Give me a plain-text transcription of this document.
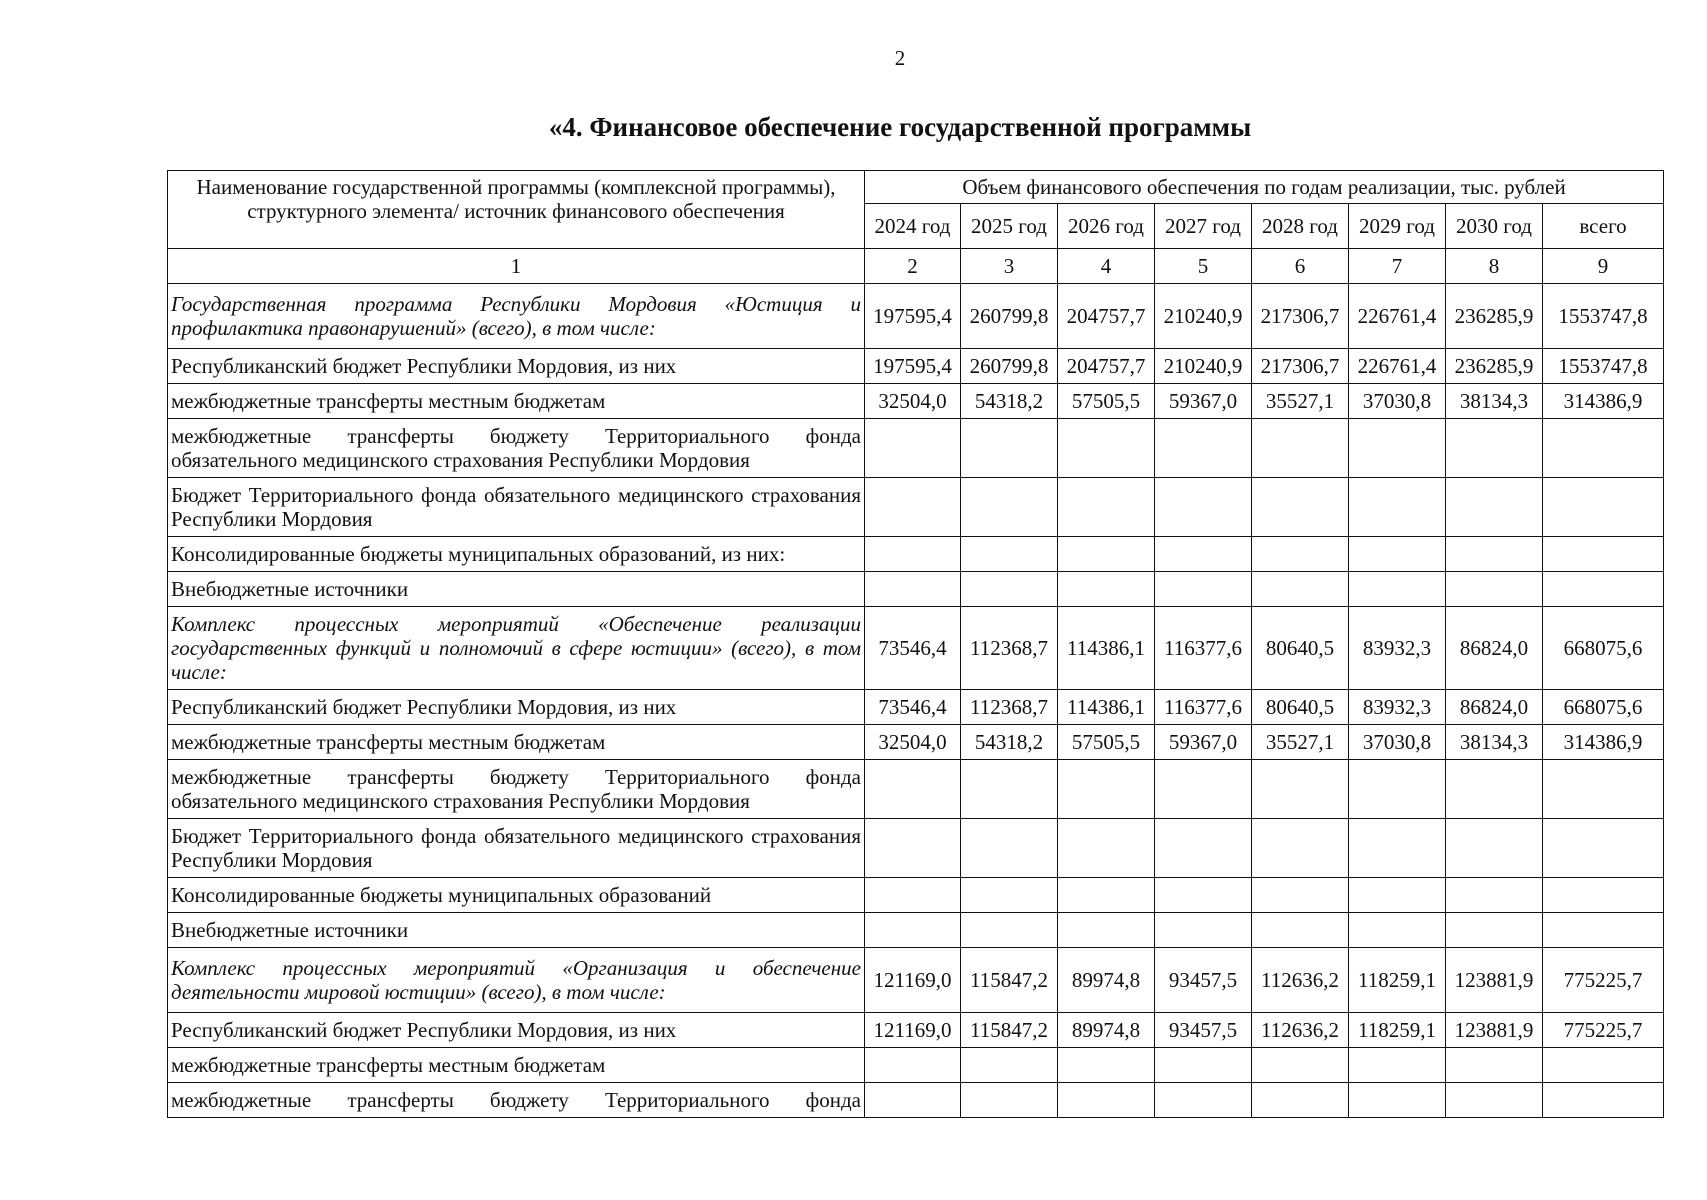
2
«4. Финансовое обеспечение государственной программы
Наименование государственной программы (комплексной программы), структурного элемента/ источник финансового обеспечения	Объем финансового обеспечения по годам реализации, тыс. рублей							
	2024 год	2025 год	2026 год	2027 год	2028 год	2029 год	2030 год	всего
1	2	3	4	5	6	7	8	9
Государственная программа Республики Мордовия «Юстиция и профилактика правонарушений» (всего), в том числе:	197595,4	260799,8	204757,7	210240,9	217306,7	226761,4	236285,9	1553747,8
Республиканский бюджет Республики Мордовия, из них	197595,4	260799,8	204757,7	210240,9	217306,7	226761,4	236285,9	1553747,8
межбюджетные трансферты местным бюджетам	32504,0	54318,2	57505,5	59367,0	35527,1	37030,8	38134,3	314386,9
межбюджетные трансферты бюджету Территориального фонда обязательного медицинского страхования Республики Мордовия								
Бюджет Территориального фонда обязательного медицинского страхования Республики Мордовия								
Консолидированные бюджеты муниципальных образований, из них:								
Внебюджетные источники								
Комплекс процессных мероприятий «Обеспечение реализации государственных функций и полномочий в сфере юстиции» (всего), в том числе:	73546,4	112368,7	114386,1	116377,6	80640,5	83932,3	86824,0	668075,6
Республиканский бюджет Республики Мордовия, из них	73546,4	112368,7	114386,1	116377,6	80640,5	83932,3	86824,0	668075,6
межбюджетные трансферты местным бюджетам	32504,0	54318,2	57505,5	59367,0	35527,1	37030,8	38134,3	314386,9
межбюджетные трансферты бюджету Территориального фонда обязательного медицинского страхования Республики Мордовия								
Бюджет Территориального фонда обязательного медицинского страхования Республики Мордовия								
Консолидированные бюджеты муниципальных образований								
Внебюджетные источники								
Комплекс процессных мероприятий «Организация и обеспечение деятельности мировой юстиции» (всего), в том числе:	121169,0	115847,2	89974,8	93457,5	112636,2	118259,1	123881,9	775225,7
Республиканский бюджет Республики Мордовия, из них	121169,0	115847,2	89974,8	93457,5	112636,2	118259,1	123881,9	775225,7
межбюджетные трансферты местным бюджетам								
межбюджетные трансферты бюджету Территориального фонда								
